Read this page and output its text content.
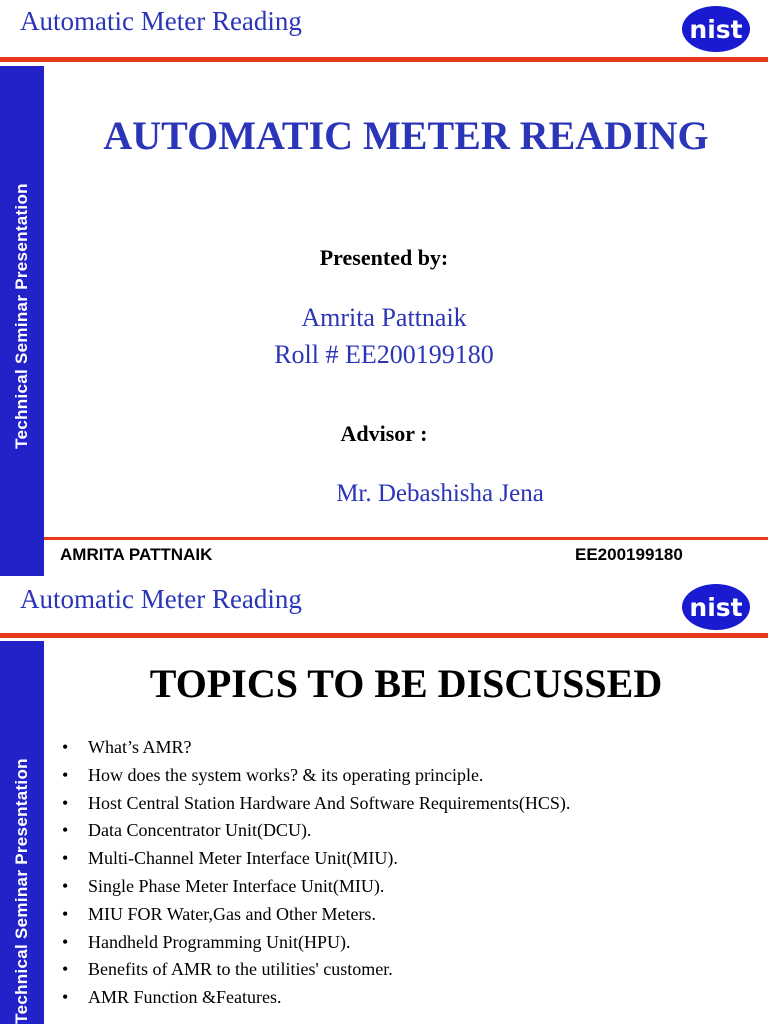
Automatic Meter Reading	nist
Technical Seminar Presentation
AUTOMATIC METER READING
Presented by:
Amrita Pattnaik
Roll # EE200199180
Advisor :
Mr. Debashisha Jena
AMRITA PATTNAIK	EE200199180
Automatic Meter Reading	nist
Technical Seminar Presentation
TOPICS TO BE DISCUSSED
• What’s AMR?
• How does the system works? & its operating principle.
• Host Central Station Hardware And Software Requirements(HCS).
• Data Concentrator Unit(DCU).
• Multi-Channel Meter Interface Unit(MIU).
• Single Phase Meter Interface Unit(MIU).
• MIU FOR Water,Gas and Other Meters.
• Handheld Programming Unit(HPU).
• Benefits of AMR to the utilities' customer.
• AMR Function &Features.
